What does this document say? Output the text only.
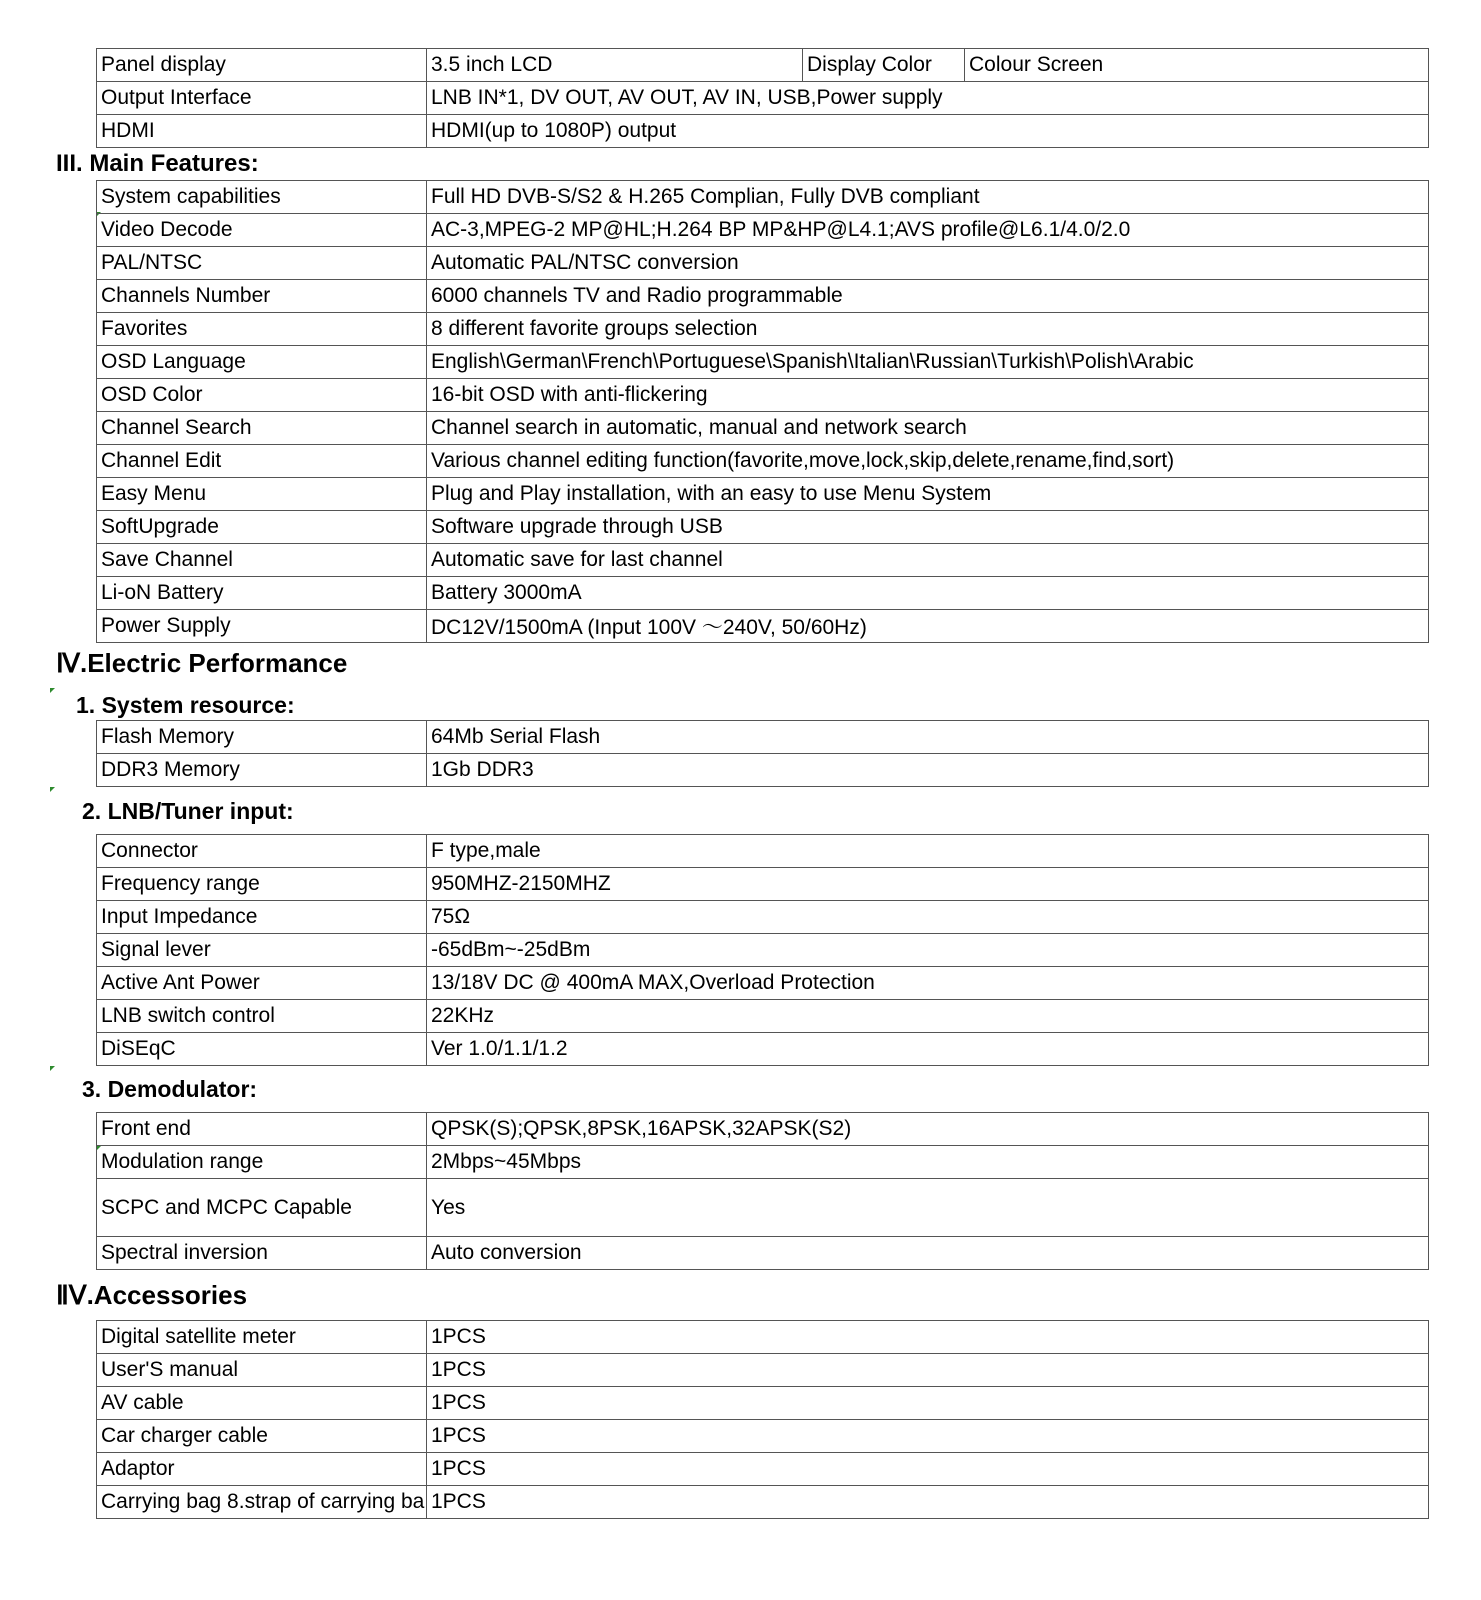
Panel display	3.5 inch LCD	Display Color	Colour Screen
Output Interface	LNB IN*1, DV OUT, AV OUT, AV IN, USB,Power supply		
HDMI	HDMI(up to 1080P) output		
III. Main Features:
System capabilities	Full HD DVB-S/S2 & H.265 Complian, Fully DVB compliant
Video Decode	AC-3,MPEG-2 MP@HL;H.264 BP MP&HP@L4.1;AVS profile@L6.1/4.0/2.0
PAL/NTSC	Automatic PAL/NTSC conversion
Channels Number	6000 channels TV and Radio programmable
Favorites	8 different favorite groups selection
OSD Language	English\German\French\Portuguese\Spanish\Italian\Russian\Turkish\Polish\Arabic
OSD Color	16-bit OSD with anti-flickering
Channel Search	Channel search in automatic, manual and network search
Channel Edit	Various channel editing function(favorite,move,lock,skip,delete,rename,find,sort)
Easy Menu	Plug and Play installation, with an easy to use Menu System
SoftUpgrade	Software upgrade through USB
Save Channel	Automatic save for last channel
Li-oN Battery	Battery 3000mA
Power Supply	DC12V/1500mA (Input 100V ～240V, 50/60Hz)
Ⅳ.Electric Performance
1. System resource:
Flash Memory	64Mb Serial Flash
DDR3 Memory	1Gb DDR3
2. LNB/Tuner input:
Connector	F type,male
Frequency range	950MHZ-2150MHZ
Input Impedance	75Ω
Signal lever	-65dBm~-25dBm
Active Ant Power	13/18V DC @ 400mA MAX,Overload Protection
LNB switch control	22KHz
DiSEqC	Ver 1.0/1.1/1.2
3. Demodulator:
Front end	QPSK(S);QPSK,8PSK,16APSK,32APSK(S2)
Modulation range	2Mbps~45Mbps
SCPC and MCPC Capable	Yes
Spectral inversion	Auto conversion
ⅡⅤ.Accessories
Digital satellite meter	1PCS
User'S manual	1PCS
AV cable	1PCS
Car charger cable	1PCS
Adaptor	1PCS
Carrying bag 8.strap of carrying ba	1PCS
